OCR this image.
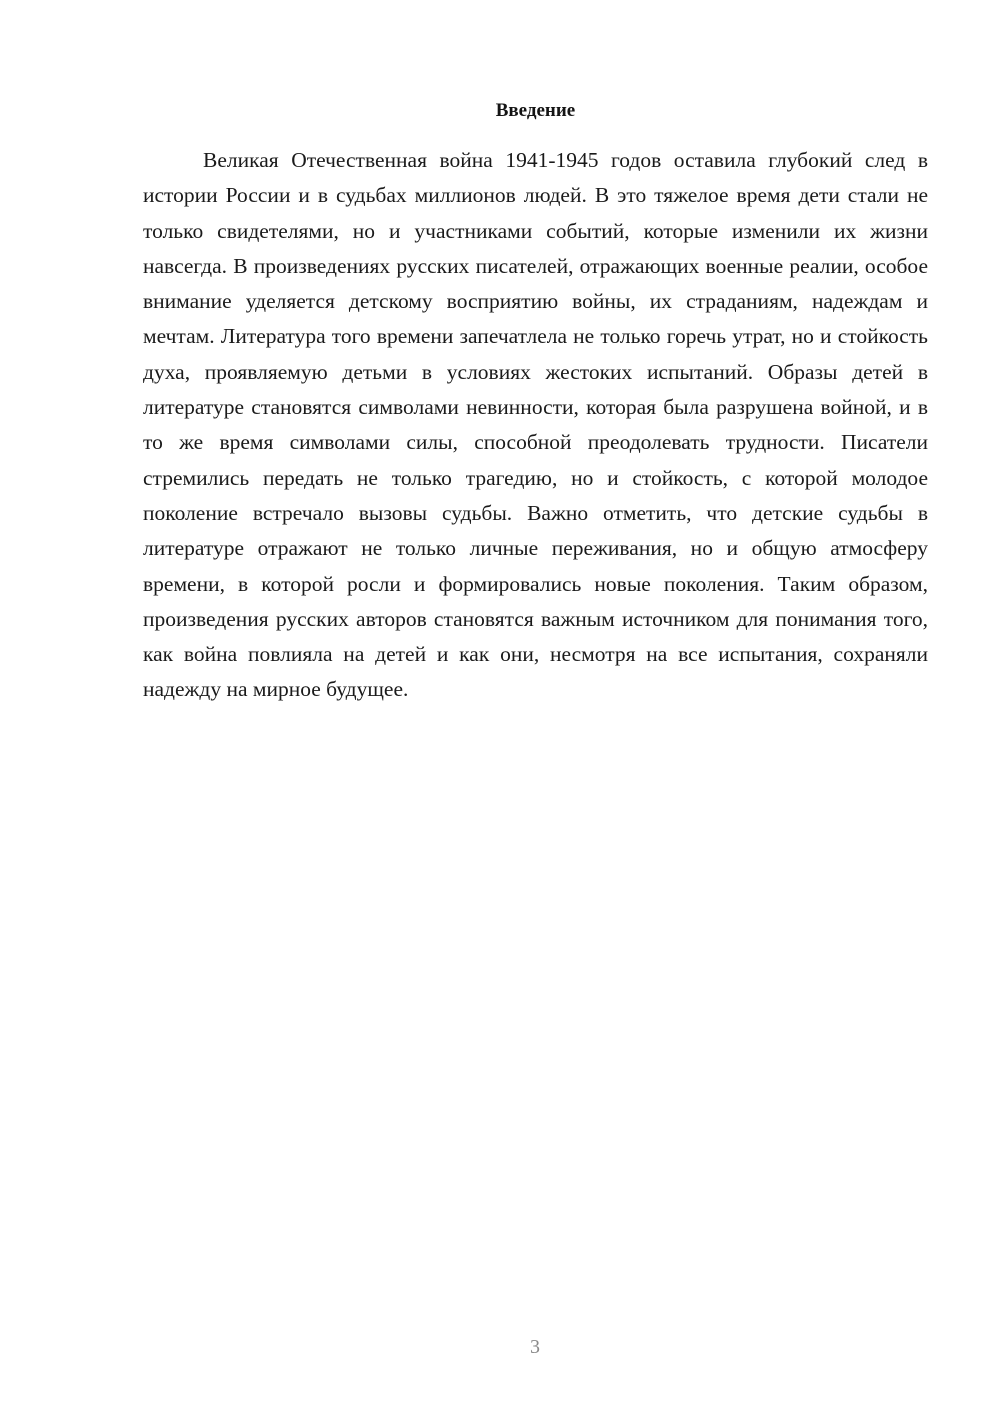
Введение

Великая Отечественная война 1941-1945 годов оставила глубокий след в истории России и в судьбах миллионов людей. В это тяжелое время дети стали не только свидетелями, но и участниками событий, которые изменили их жизни навсегда. В произведениях русских писателей, отражающих военные реалии, особое внимание уделяется детскому восприятию войны, их страданиям, надеждам и мечтам. Литература того времени запечатлела не только горечь утрат, но и стойкость духа, проявляемую детьми в условиях жестоких испытаний. Образы детей в литературе становятся символами невинности, которая была разрушена войной, и в то же время символами силы, способной преодолевать трудности. Писатели стремились передать не только трагедию, но и стойкость, с которой молодое поколение встречало вызовы судьбы. Важно отметить, что детские судьбы в литературе отражают не только личные переживания, но и общую атмосферу времени, в которой росли и формировались новые поколения. Таким образом, произведения русских авторов становятся важным источником для понимания того, как война повлияла на детей и как они, несмотря на все испытания, сохраняли надежду на мирное будущее.

3
